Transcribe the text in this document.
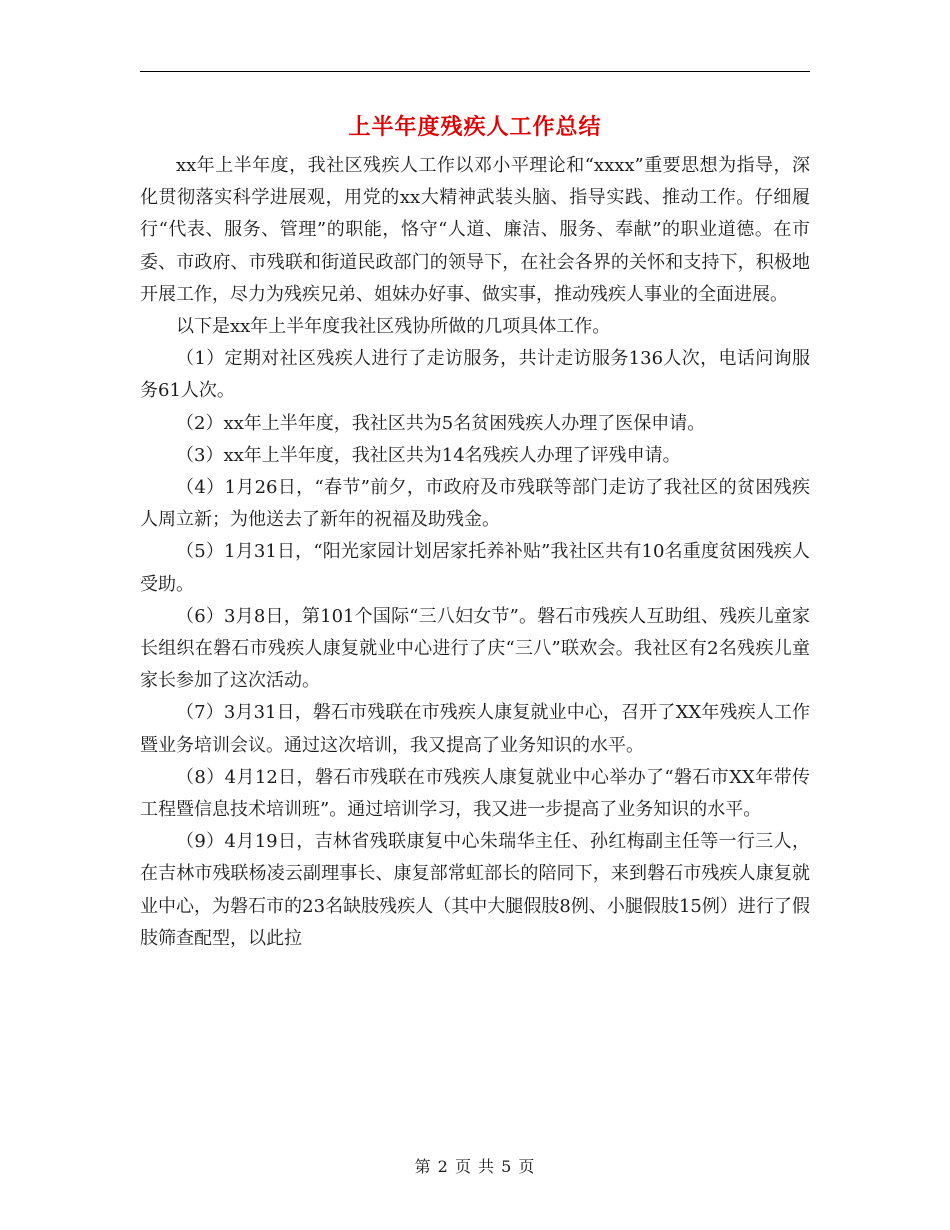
上半年度残疾人工作总结

xx年上半年度，我社区残疾人工作以邓小平理论和“xxxx”重要思想为指导，深化贯彻落实科学进展观，用党的xx大精神武装头脑、指导实践、推动工作。仔细履行“代表、服务、管理”的职能，恪守“人道、廉洁、服务、奉献”的职业道德。在市委、市政府、市残联和街道民政部门的领导下，在社会各界的关怀和支持下，积极地开展工作，尽力为残疾兄弟、姐妹办好事、做实事，推动残疾人事业的全面进展。

以下是xx年上半年度我社区残协所做的几项具体工作。

（1）定期对社区残疾人进行了走访服务，共计走访服务136人次，电话问询服务61人次。

（2）xx年上半年度，我社区共为5名贫困残疾人办理了医保申请。

（3）xx年上半年度，我社区共为14名残疾人办理了评残申请。

（4）1月26日，“春节”前夕，市政府及市残联等部门走访了我社区的贫困残疾人周立新；为他送去了新年的祝福及助残金。

（5）1月31日，“阳光家园计划居家托养补贴”我社区共有10名重度贫困残疾人受助。

（6）3月8日，第101个国际“三八妇女节”。磐石市残疾人互助组、残疾儿童家长组织在磐石市残疾人康复就业中心进行了庆“三八”联欢会。我社区有2名残疾儿童家长参加了这次活动。

（7）3月31日，磐石市残联在市残疾人康复就业中心，召开了XX年残疾人工作暨业务培训会议。通过这次培训，我又提高了业务知识的水平。

（8）4月12日，磐石市残联在市残疾人康复就业中心举办了“磐石市XX年带传工程暨信息技术培训班”。通过培训学习，我又进一步提高了业务知识的水平。

（9）4月19日，吉林省残联康复中心朱瑞华主任、孙红梅副主任等一行三人，在吉林市残联杨凌云副理事长、康复部常虹部长的陪同下，来到磐石市残疾人康复就业中心，为磐石市的23名缺肢残疾人（其中大腿假肢8例、小腿假肢15例）进行了假肢筛查配型，以此拉

第 2 页 共 5 页
